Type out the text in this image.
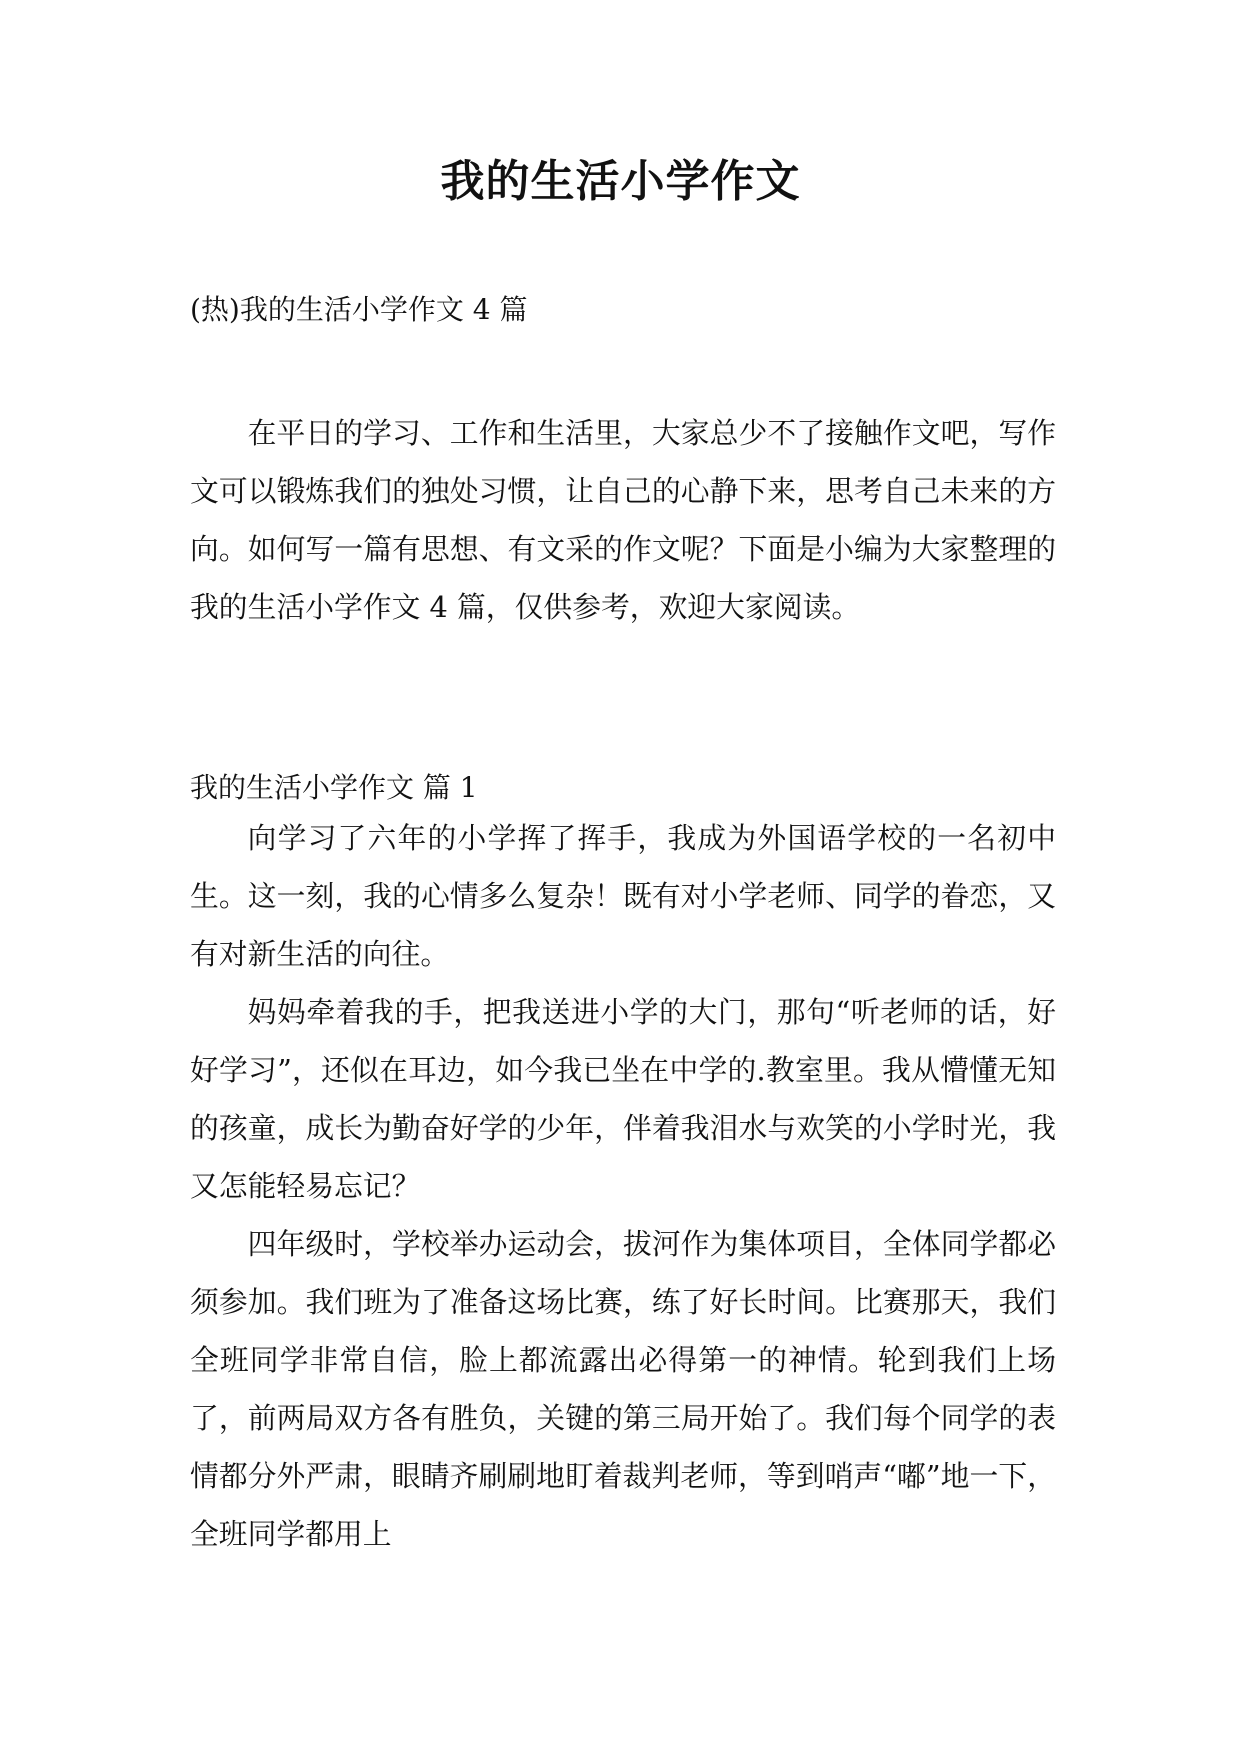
我的生活小学作文

(热)我的生活小学作文 4 篇

在平日的学习、工作和生活里，大家总少不了接触作文吧，写作文可以锻炼我们的独处习惯，让自己的心静下来，思考自己未来的方向。如何写一篇有思想、有文采的作文呢？下面是小编为大家整理的我的生活小学作文 4 篇，仅供参考，欢迎大家阅读。

我的生活小学作文 篇 1

向学习了六年的小学挥了挥手，我成为外国语学校的一名初中生。这一刻，我的心情多么复杂！既有对小学老师、同学的眷恋，又有对新生活的向往。

妈妈牵着我的手，把我送进小学的大门，那句“听老师的话，好好学习”，还似在耳边，如今我已坐在中学的.教室里。我从懵懂无知的孩童，成长为勤奋好学的少年，伴着我泪水与欢笑的小学时光，我又怎能轻易忘记？

四年级时，学校举办运动会，拔河作为集体项目，全体同学都必须参加。我们班为了准备这场比赛，练了好长时间。比赛那天，我们全班同学非常自信，脸上都流露出必得第一的神情。轮到我们上场了，前两局双方各有胜负，关键的第三局开始了。我们每个同学的表情都分外严肃，眼睛齐刷刷地盯着裁判老师，等到哨声“嘟”地一下，全班同学都用上
